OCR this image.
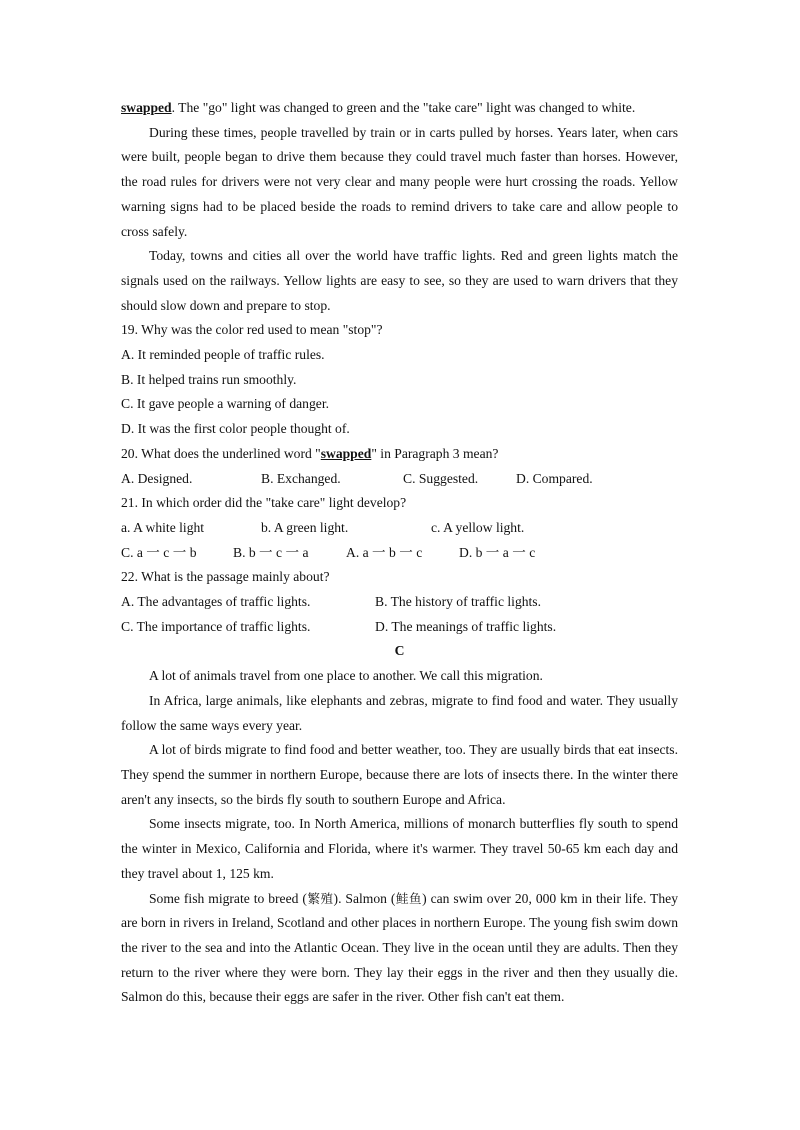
swapped. The "go" light was changed to green and the "take care" light was changed to white.

During these times, people travelled by train or in carts pulled by horses. Years later, when cars were built, people began to drive them because they could travel much faster than horses. However, the road rules for drivers were not very clear and many people were hurt crossing the roads. Yellow warning signs had to be placed beside the roads to remind drivers to take care and allow people to cross safely.

Today, towns and cities all over the world have traffic lights. Red and green lights match the signals used on the railways. Yellow lights are easy to see, so they are used to warn drivers that they should slow down and prepare to stop.

19. Why was the color red used to mean "stop"?

A. It reminded people of traffic rules.

B. It helped trains run smoothly.

C. It gave people a warning of danger.

D. It was the first color people thought of.

20. What does the underlined word "swapped" in Paragraph 3 mean?

A. Designed.	B. Exchanged.	C. Suggested.	D. Compared.

21. In which order did the "take care" light develop?

a. A white light	b. A green light.	c. A yellow light.
C. a 一 c 一 b	B. b 一 c 一 a	A. a 一 b 一 c	D. b 一 a 一 c

22. What is the passage mainly about?

A. The advantages of traffic lights.	B. The history of traffic lights.
C. The importance of traffic lights.	D. The meanings of traffic lights.

C

A lot of animals travel from one place to another. We call this migration.

In Africa, large animals, like elephants and zebras, migrate to find food and water. They usually follow the same ways every year.

A lot of birds migrate to find food and better weather, too. They are usually birds that eat insects. They spend the summer in northern Europe, because there are lots of insects there. In the winter there aren't any insects, so the birds fly south to southern Europe and Africa.

Some insects migrate, too. In North America, millions of monarch butterflies fly south to spend the winter in Mexico, California and Florida, where it's warmer. They travel 50-65 km each day and they travel about 1, 125 km.

Some fish migrate to breed (繁殖). Salmon (鲑鱼) can swim over 20, 000 km in their life. They are born in rivers in Ireland, Scotland and other places in northern Europe. The young fish swim down the river to the sea and into the Atlantic Ocean. They live in the ocean until they are adults. Then they return to the river where they were born. They lay their eggs in the river and then they usually die. Salmon do this, because their eggs are safer in the river. Other fish can't eat them.
